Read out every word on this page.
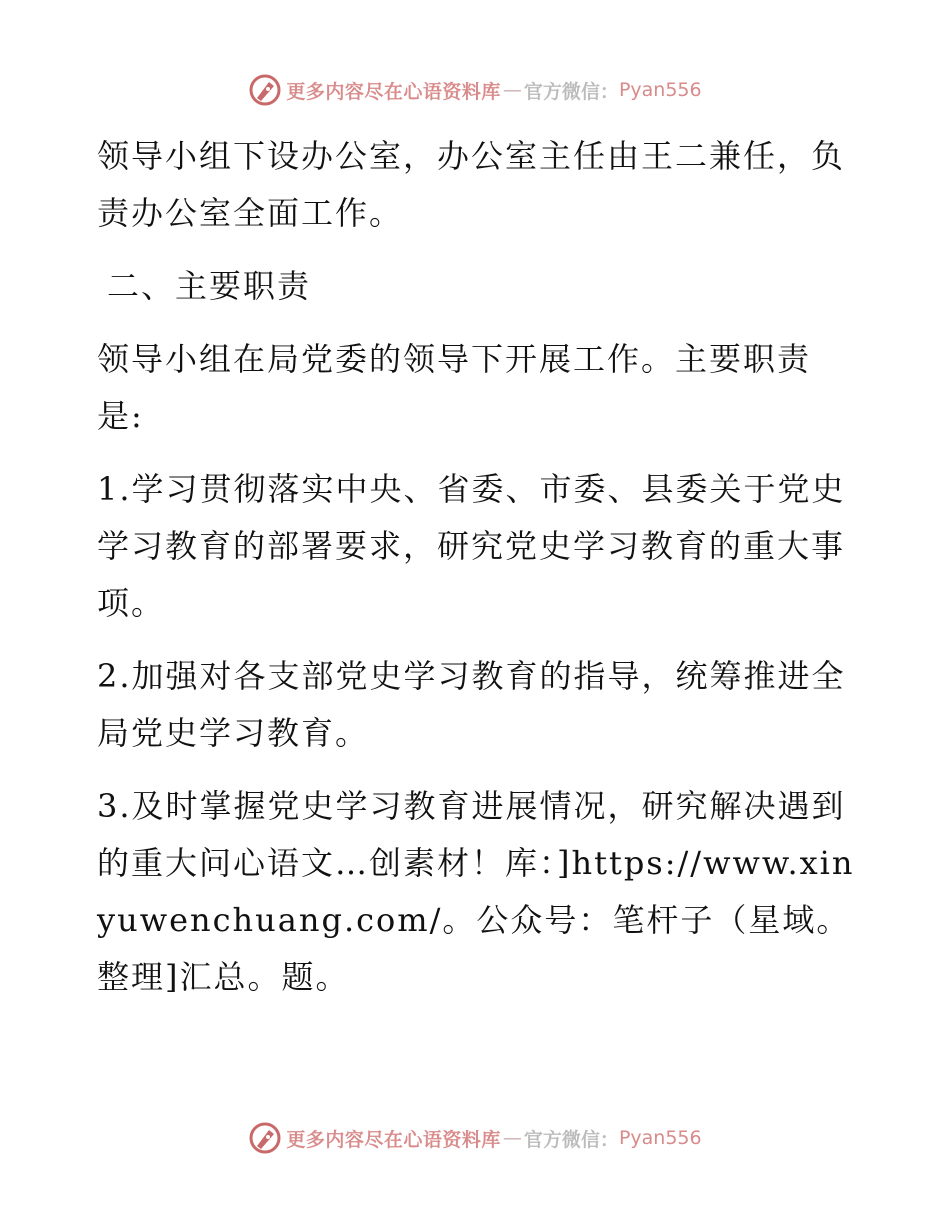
更多内容尽在心语资料库 — 官方微信： Pyan556

领导小组下设办公室，办公室主任由王二兼任，负责办公室全面工作。

二、主要职责

领导小组在局党委的领导下开展工作。主要职责是:

1.学习贯彻落实中央、省委、市委、县委关于党史学习教育的部署要求，研究党史学习教育的重大事项。

2.加强对各支部党史学习教育的指导，统筹推进全局党史学习教育。

3.及时掌握党史学习教育进展情况，研究解决遇到的重大问心语文…创素材！库：]https://www.xinyuwenchuang.com/。公众号：笔杆子（星域。整理]汇总。题。

更多内容尽在心语资料库 — 官方微信： Pyan556
